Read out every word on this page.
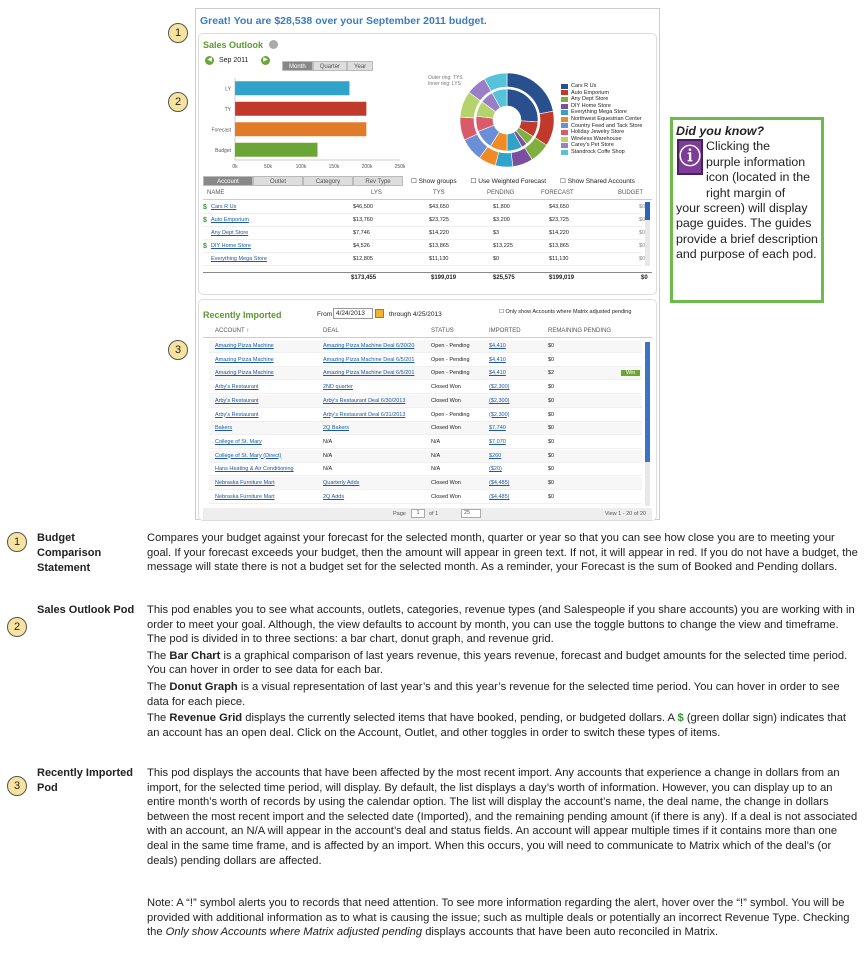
1
2
3
Great! You are $28,538 over your September 2011 budget.
Sales Outlook
◀	Sep 2011	▶
Month Quarter Year
LY
TY
Forecast
Budget
0k	50k	100k	150k	200k	250k
Outer ring: TYS
Inner ring: LYS	Cars R Us
Auto Emporium
Any Dept Store
DIY Home Store
Everything Mega Store
Northwest Equestrian Center
Country Feed and Tack Store
Holiday Jewelry Store
Wireless Warehouse
Carey's Pet Store
Standrock Coffe Shop
Account	Outlet	Category	Rev Type	☐ Show groups ☐ Use Weighted Forecast ☐ Show Shared Accounts
NAME	LYS	TYS	PENDING	FORECAST	BUDGET
$ Cars R Us	$46,500	$43,650	$1,800	$43,650	$0
$ Auto Emporium	$13,760	$23,725	$3,200	$23,725	$0
Any Dept Store	$7,746	$14,220	$3	$14,220	$0
$ DIY Home Store	$4,526	$13,865	$13,225	$13,865	$0
Everything Mega Store	$12,805	$11,130	$0	$11,130	$0
$173,455	$199,019	$25,575	$199,019	$0
Recently Imported	From 4/24/2013	through 4/25/2013	☐ Only show Accounts where Matrix adjusted pending
ACCOUNT ↑	DEAL	STATUS	IMPORTED	REMAINING PENDING
Amazing Pizza Machine	Amazing Pizza Machine Deal 6/30/20	Open - Pending	$4,410	$0
Amazing Pizza Machine	Amazing Pizza Machine Deal 6/5/201	Open - Pending	$4,410	$0
Amazing Pizza Machine	Amazing Pizza Machine Deal 6/5/201	Open - Pending	$4,410	$2	Win
Arby's Restaurant	2ND quarter	Closed Won	($2,300)	$0
Arby's Restaurant	Arby's Restaurant Deal 6/30/2013	Closed Won	($2,300)	$0
Arby's Restaurant	Arby's Restaurant Deal 6/31/2013	Open - Pending	($2,300)	$0
Bakers	2Q Bakers	Closed Won	$7,740	$0
College of St. Mary	N/A	N/A	$7,070	$0
College of St. Mary (Direct)	N/A	N/A	$260	$0
Hans Heating & Air Conditioning	N/A	N/A	($20)	$0
Nebraska Furniture Mart	Quarterly Adds	Closed Won	($4,485)	$0
Nebraska Furniture Mart	2Q Adds	Closed Won	($4,485)	$0
Page	1	of 1	25	View 1 - 20 of 20
Did you know?
ⓘ Clicking the
purple information
icon (located in the
right margin of
your screen) will display page guides. The guides provide a brief description and purpose of each pod.
1 Budget Comparison Statement
Compares your budget against your forecast for the selected month, quarter or year so that you can see how close you are to meeting your goal. If your forecast exceeds your budget, then the amount will appear in green text. If not, it will appear in red. If you do not have a budget, the message will state there is not a budget set for the selected month. As a reminder, your Forecast is the sum of Booked and Pending dollars.
2
Sales Outlook Pod	This pod enables you to see what accounts, outlets, categories, revenue types (and Salespeople if you share accounts) you are working with in order to meet your goal. Although, the view defaults to account by month, you can use the toggle buttons to change the view and timeframe. The pod is divided in to three sections: a bar chart, donut graph, and revenue grid.

The Bar Chart is a graphical comparison of last years revenue, this years revenue, forecast and budget amounts for the selected time period. You can hover in order to see data for each bar.

The Donut Graph is a visual representation of last year’s and this year’s revenue for the selected time period. You can hover in order to see data for each piece.

The Revenue Grid displays the currently selected items that have booked, pending, or budgeted dollars. A $ (green dollar sign) indicates that an account has an open deal. Click on the Account, Outlet, and other toggles in order to switch these types of items.

3
Recently Imported Pod
This pod displays the accounts that have been affected by the most recent import. Any accounts that experience a change in dollars from an import, for the selected time period, will display. By default, the list displays a day’s worth of information. However, you can display up to an entire month’s worth of records by using the calendar option. The list will display the account’s name, the deal name, the change in dollars between the most recent import and the selected date (Imported), and the remaining pending amount (if there is any). If a deal is not associated with an account, an N/A will appear in the account’s deal and status fields. An account will appear multiple times if it contains more than one deal in the same time frame, and is affected by an import. When this occurs, you will need to communicate to Matrix which of the deal’s (or deals) pending dollars are affected.
Note: A “!” symbol alerts you to records that need attention. To see more information regarding the alert, hover over the “!” symbol. You will be provided with additional information as to what is causing the issue; such as multiple deals or potentially an incorrect Revenue Type. Checking the Only show Accounts where Matrix adjusted pending displays accounts that have been auto reconciled in Matrix.
